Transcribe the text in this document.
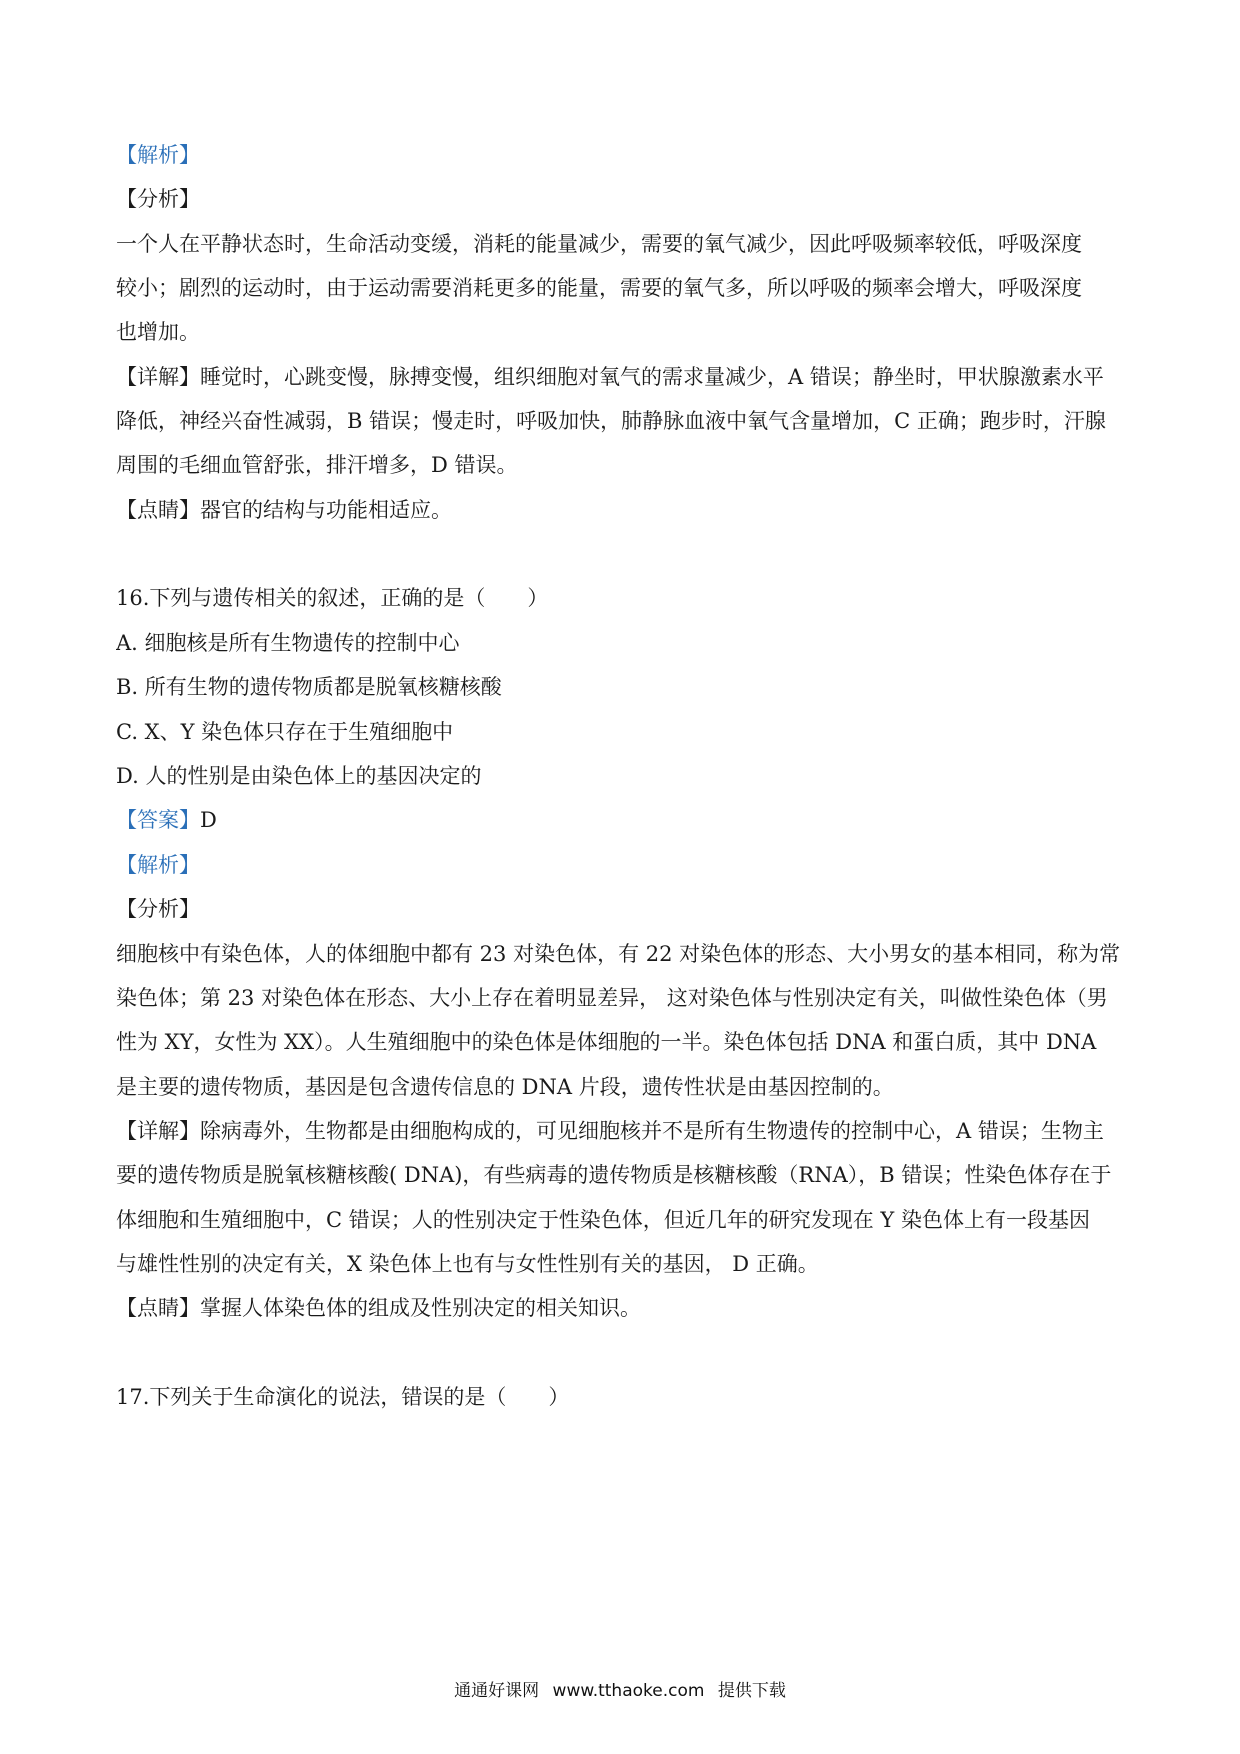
【解析】
【分析】
一个人在平静状态时，生命活动变缓，消耗的能量减少，需要的氧气减少，因此呼吸频率较低，呼吸深度
较小；剧烈的运动时，由于运动需要消耗更多的能量，需要的氧气多，所以呼吸的频率会增大，呼吸深度
也增加。
【详解】睡觉时，心跳变慢，脉搏变慢，组织细胞对氧气的需求量减少，A 错误；静坐时，甲状腺激素水平
降低，神经兴奋性减弱，B 错误；慢走时，呼吸加快，肺静脉血液中氧气含量增加，C 正确；跑步时，汗腺
周围的毛细血管舒张，排汗增多，D 错误。
【点睛】器官的结构与功能相适应。
16.下列与遗传相关的叙述，正确的是（　　）
A. 细胞核是所有生物遗传的控制中心
B. 所有生物的遗传物质都是脱氧核糖核酸
C. X、Y 染色体只存在于生殖细胞中
D. 人的性别是由染色体上的基因决定的
【答案】D
【解析】
【分析】
细胞核中有染色体，人的体细胞中都有 23 对染色体，有 22 对染色体的形态、大小男女的基本相同，称为常
染色体；第 23 对染色体在形态、大小上存在着明显差异， 这对染色体与性别决定有关，叫做性染色体（男
性为 XY，女性为 XX）。人生殖细胞中的染色体是体细胞的一半。染色体包括 DNA 和蛋白质，其中 DNA
是主要的遗传物质，基因是包含遗传信息的 DNA 片段，遗传性状是由基因控制的。
【详解】除病毒外，生物都是由细胞构成的，可见细胞核并不是所有生物遗传的控制中心，A 错误；生物主
要的遗传物质是脱氧核糖核酸( DNA)，有些病毒的遗传物质是核糖核酸（RNA），B 错误；性染色体存在于
体细胞和生殖细胞中，C 错误；人的性别决定于性染色体，但近几年的研究发现在 Y 染色体上有一段基因
与雄性性别的决定有关，X 染色体上也有与女性性别有关的基因， D 正确。
【点睛】掌握人体染色体的组成及性别决定的相关知识。
17.下列关于生命演化的说法，错误的是（　　）
通通好课网 www.tthaoke.com 提供下载
